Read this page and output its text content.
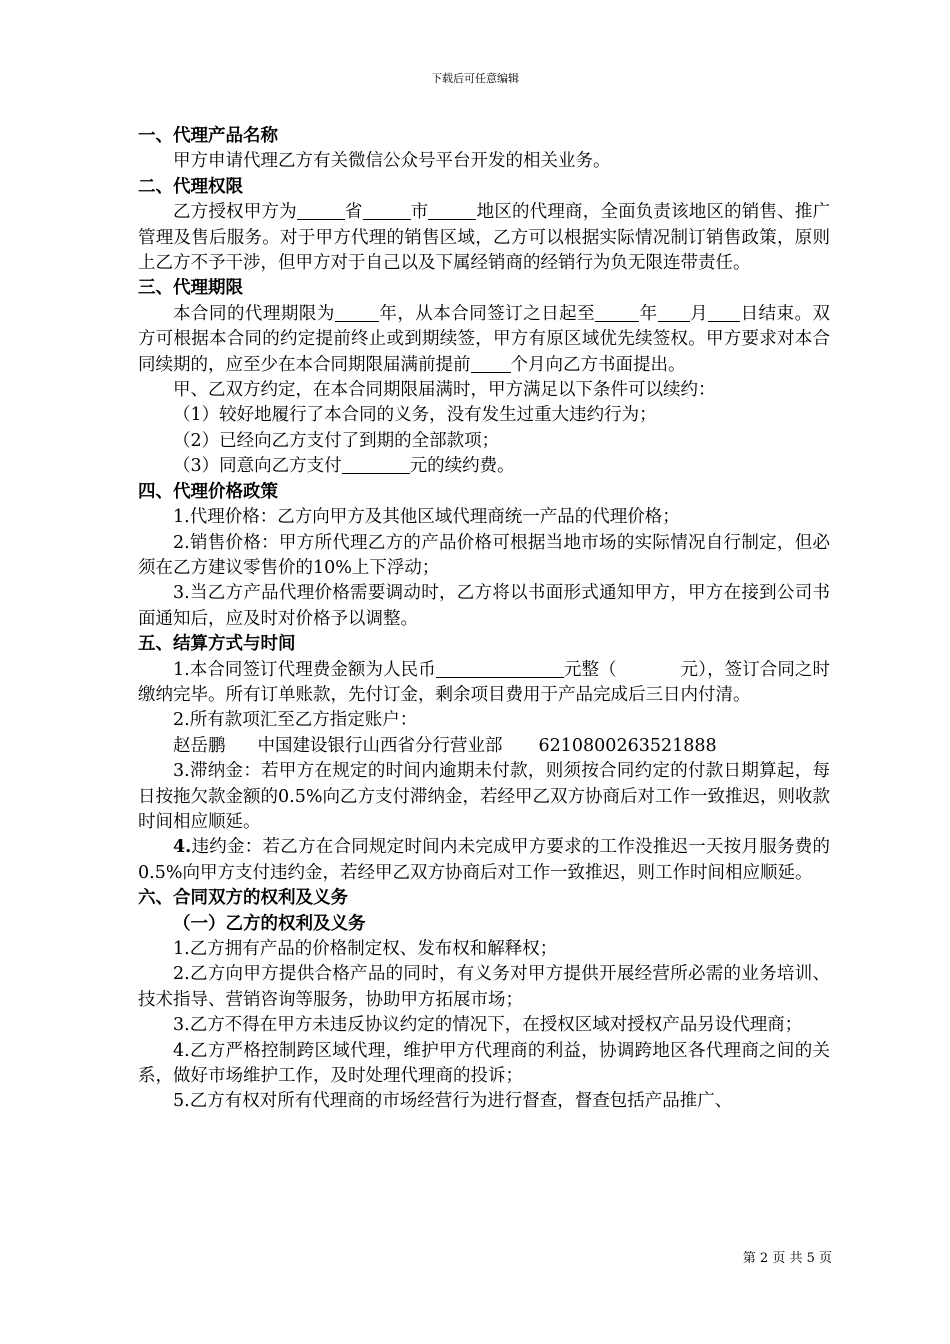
下载后可任意编辑

一、代理产品名称

甲方申请代理乙方有关微信公众号平台开发的相关业务。

二、代理权限

乙方授权甲方为	省	市	地区的代理商，全面负责该地区的销售、推广管理及售后服务。对于甲方代理的销售区域，乙方可以根据实际情况制订销售政策，原则上乙方不予干涉，但甲方对于自己以及下属经销商的经销行为负无限连带责任。

三、代理期限

本合同的代理期限为	年，从本合同签订之日起至	年 月 日结束。双方可根据本合同的约定提前终止或到期续签，甲方有原区域优先续签权。甲方要求对本合同续期的，应至少在本合同期限届满前提前 个月向乙方书面提出。

甲、乙双方约定，在本合同期限届满时，甲方满足以下条件可以续约：

（1）较好地履行了本合同的义务，没有发生过重大违约行为；

（2）已经向乙方支付了到期的全部款项；

（3）同意向乙方支付	元的续约费。

四、代理价格政策

1.代理价格：乙方向甲方及其他区域代理商统一产品的代理价格；

2.销售价格：甲方所代理乙方的产品价格可根据当地市场的实际情况自行制定，但必须在乙方建议零售价的10%上下浮动；

3.当乙方产品代理价格需要调动时，乙方将以书面形式通知甲方，甲方在接到公司书面通知后，应及时对价格予以调整。

五、结算方式与时间

1.本合同签订代理费金额为人民币	元整（	元），签订合同之时缴纳完毕。所有订单账款，先付订金，剩余项目费用于产品完成后三日内付清。

2.所有款项汇至乙方指定账户：

赵岳鹏 中国建设银行山西省分行营业部 6210800263521888

3.滞纳金：若甲方在规定的时间内逾期未付款，则须按合同约定的付款日期算起，每日按拖欠款金额的0.5%向乙方支付滞纳金，若经甲乙双方协商后对工作一致推迟，则收款时间相应顺延。

4.违约金：若乙方在合同规定时间内未完成甲方要求的工作没推迟一天按月服务费的0.5%向甲方支付违约金，若经甲乙双方协商后对工作一致推迟，则工作时间相应顺延。

六、合同双方的权利及义务

（一）乙方的权利及义务

1.乙方拥有产品的价格制定权、发布权和解释权；

2.乙方向甲方提供合格产品的同时，有义务对甲方提供开展经营所必需的业务培训、技术指导、营销咨询等服务，协助甲方拓展市场；

3.乙方不得在甲方未违反协议约定的情况下，在授权区域对授权产品另设代理商；

4.乙方严格控制跨区域代理，维护甲方代理商的利益，协调跨地区各代理商之间的关系，做好市场维护工作，及时处理代理商的投诉；

5.乙方有权对所有代理商的市场经营行为进行督查，督查包括产品推广、

第 2 页 共 5 页
